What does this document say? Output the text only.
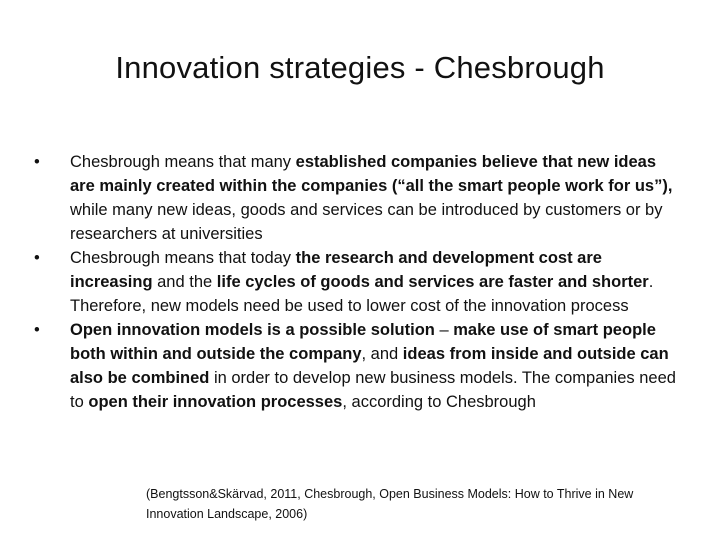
Innovation strategies - Chesbrough
•	Chesbrough means that many established companies believe that new ideas are mainly created within the companies (“all the smart people work for us”), while many new ideas, goods and services can be introduced by customers or by researchers at universities
•	Chesbrough means that today the research and development cost are increasing and the life cycles of goods and services are faster and shorter. Therefore, new models need be used to lower cost of the innovation process
•	Open innovation models is a possible solution – make use of smart people both within and outside the company, and ideas from inside and outside can also be combined in order to develop new business models. The companies need to open their innovation processes, according to Chesbrough

(Bengtsson&Skärvad, 2011, Chesbrough, Open Business Models: How to Thrive in New Innovation Landscape, 2006)
